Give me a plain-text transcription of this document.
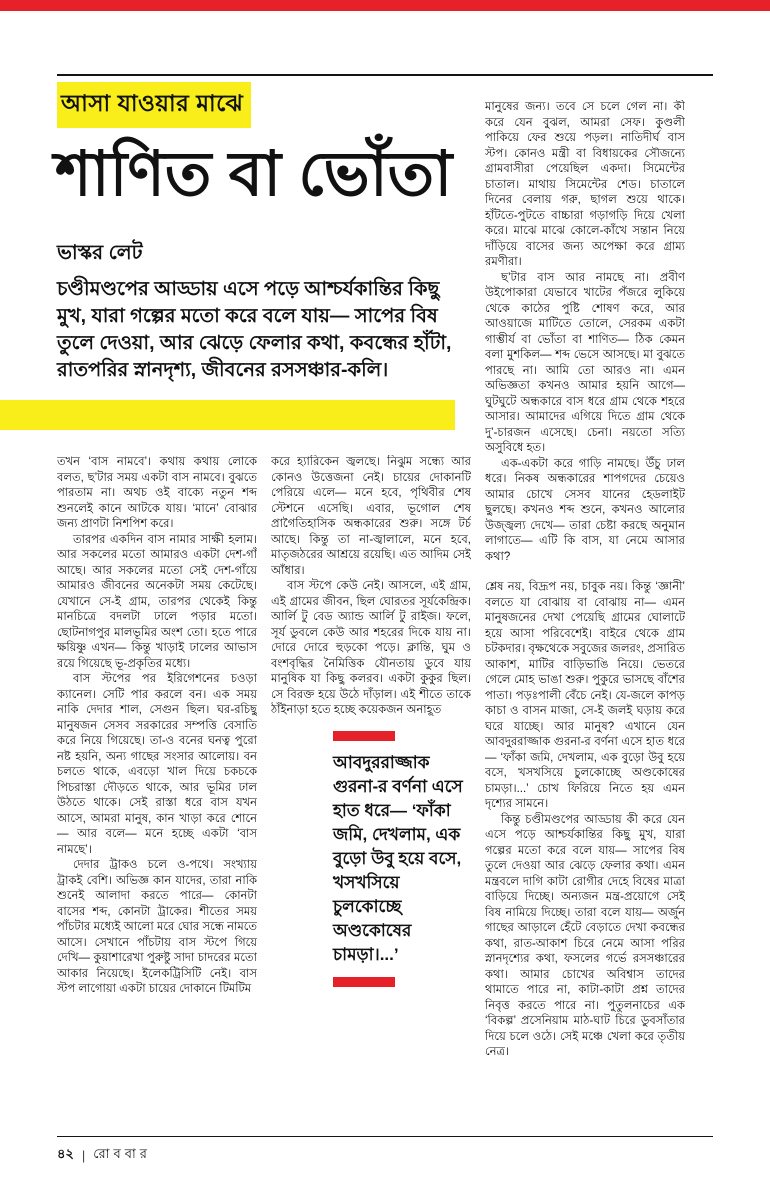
আসা যাওয়ার মাঝে
শাণিত বা ভোঁতা
ভাস্কর লেট
চণ্ডীমণ্ডপের আড্ডায় এসে পড়ে আশ্চর্যকান্তির কিছু মুখ, যারা গল্পের মতো করে বলে যায়— সাপের বিষ তুলে দেওয়া, আর ঝেড়ে ফেলার কথা, কবন্ধের হাঁটা, রাতপরির স্নানদৃশ্য, জীবনের রসসঞ্চার-কলি।

তখন ‘বাস নামবে’। কথায় কথায় লোকে বলত, ছ’টার সময় একটা বাস নামবে। বুঝতে পারতাম না। অথচ ওই বাক্যে নতুন শব্দ শুনলেই কানে আটকে যায়। ‘মানে’ বোঝার জন্য প্রাণটা নিশপিশ করে।

তারপর একদিন বাস নামার সাক্ষী হলাম। আর সকলের মতো আমারও একটা দেশ-গাঁ আছে। আর সকলের মতো সেই দেশ-গাঁয়ে আমারও জীবনের অনেকটা সময় কেটেছে। যেখানে সে-ই গ্রাম, তারপর থেকেই কিন্তু মানচিত্রে বদলটা ঢালে পড়ার মতো। ছোটনাগপুর মালভূমির অংশ তো। হতে পারে ক্ষয়িষ্ণু এখন— কিন্তু খাড়াই ঢালের আভাস রয়ে গিয়েছে ভূ-প্রকৃতির মধ্যে।

বাস স্টপের পর ইরিগেশনের চওড়া ক্যানেল। সেটি পার করলে বন। এক সময় নাকি দেদার শাল, সেগুন ছিল। ঘর-রচিছু মানুষজন সেসব সরকারের সম্পত্তি বেসাতি করে নিয়ে গিয়েছে। তা-ও বনের ঘনত্ব পুরো নষ্ট হয়নি, অন্য গাছের সংসার আলোয়। বন চলতে থাকে, এবড়ো খাল দিয়ে চকচকে পিচরাস্তা দৌড়তে থাকে, আর ভূমির ঢাল উঠতে থাকে। সেই রাস্তা ধরে বাস যখন আসে, আমরা মানুষ, কান খাড়া করে শোনে— আর বলে— মনে হচ্ছে একটা ‘বাস নামছে’।

দেদার ট্রাকও চলে ও-পথে। সংখ্যায় ট্রাকই বেশি। অভিজ্ঞ কান যাদের, তারা নাকি শুনেই আলাদা করতে পারে— কোনটা বাসের শব্দ, কোনটা ট্রাকের। শীতের সময় পাঁচটার মধ্যেই আলো মরে ঘোর সন্ধে নামতে আসে। সেখানে পাঁচটায় বাস স্টপে গিয়ে দেখি— কুয়াশারেখা পুরুষ্টু সাদা চাদরের মতো আকার নিয়েছে। ইলেকট্রিসিটি নেই। বাস স্টপ লাগোয়া একটা চায়ের দোকানে টিমটিম

করে হ্যারিকেন জ্বলছে। নিঝুম সন্ধ্যে আর কোনও উত্তেজনা নেই। চায়ের দোকানটি পেরিয়ে এলে— মনে হবে, পৃথিবীর শেষ স্টেশনে এসেছি। এবার, ভূগোল শেষ প্রাগৈতিহাসিক অন্ধকারের শুরু। সঙ্গে টর্চ আছে। কিন্তু তা না-জ্বালালে, মনে হবে, মাতৃজঠরের আশ্রয়ে রয়েছি। এত আদিম সেই আঁধার।

বাস স্টপে কেউ নেই। আসলে, এই গ্রাম, এই গ্রামের জীবন, ছিল ঘোরতর সূর্যকেন্দ্রিক। আর্লি টু বেড অ্যান্ড আর্লি টু রাইজ। ফলে, সূর্য ডুবলে কেউ আর শহরের দিকে যায় না। দোরে দোরে হুড়কো পড়ে। ক্লান্তি, ঘুম ও বংশবৃদ্ধির নৈমিত্তিক যৌনতায় ডুবে যায় মানুষিক যা কিছু কলরব। একটা কুকুর ছিল। সে বিরক্ত হয়ে উঠে দাঁড়াল। এই শীতে তাকে ঠাঁইনাড়া হতে হচ্ছে কয়েকজন অনাহূত

আবদুররাজ্জাক গুরনা-র বর্ণনা এসে হাত ধরে— ‘ফাঁকা জমি, দেখলাম, এক বুড়ো উবু হয়ে বসে, খসখসিয়ে চুলকোচ্ছে অণ্ডকোষের চামড়া।...’

মানুষের জন্য। তবে সে চলে গেল না। কী করে যেন বুঝল, আমরা সেফ। কুণ্ডলী পাকিয়ে ফের শুয়ে পড়ল। নাতিদীর্ঘ বাস স্টপ। কোনও মন্ত্রী বা বিধায়কের সৌজন্যে গ্রামবাসীরা পেয়েছিল একদা। সিমেন্টের চাতাল। মাথায় সিমেন্টের শেড। চাতালে দিনের বেলায় গরু, ছাগল শুয়ে থাকে। হাঁটতে-পুটতে বাচ্চারা গড়াগড়ি দিয়ে খেলা করে। মাঝে মাঝে কোলে-কাঁখে সন্তান নিয়ে দাঁড়িয়ে বাসের জন্য অপেক্ষা করে গ্রাম্য রমণীরা।

ছ’টার বাস আর নামছে না। প্রবীণ উইপোকারা যেভাবে খাটের পঁজরে লুকিয়ে থেকে কাঠের পুষ্টি শোষণ করে, আর আওয়াজে মাটিতে তোলে, সেরকম একটা গাম্ভীর্য বা ভোঁতা বা শাণিত— ঠিক কেমন বলা মুশকিল— শব্দ ভেসে আসছে। মা বুঝতে পারছে না। আমি তো আরও না। এমন অভিজ্ঞতা কখনও আমার হয়নি আগে— ঘুটঘুটে অন্ধকারে বাস ধরে গ্রাম থেকে শহরে আসার। আমাদের এগিয়ে দিতে গ্রাম থেকে দু’-চারজন এসেছে। চেনা। নয়তো সত্যি অসুবিধে হত।

এক-একটা করে গাড়ি নামছে। উঁচু ঢাল ধরে। নিকষ অন্ধকারের শাপগদের চেয়েও আমার চোখে সেসব যানের হেডলাইট ছুলছে। কখনও শব্দ শুনে, কখনও আলোর উজ্জ্বল্য দেখে— তারা চেষ্টা করছে অনুমান লাগাতে— এটি কি বাস, যা নেমে আসার কথা?

শ্লেষ নয়, বিদ্রূপ নয়, চাবুক নয়। কিন্তু ‘জ্ঞানী’ বলতে যা বোঝায় বা বোঝায় না— এমন মানুষজনের দেখা পেয়েছি গ্রামের ঘোলাটে হয়ে আসা পরিবেশেই। বাইরে থেকে গ্রাম চটকদার। বৃক্ষথেকে সবুজের জলরং, প্রসারিত আকাশ, মাটির বাড়িভাঙি নিয়ে। ভেতরে গেলে মোহ ভাঙা শুরু। পুকুরে ভাসছে বাঁশের পাতা। পড়ঃপালী বেঁচে নেই। যে-জলে কাপড় কাচা ও বাসন মাজা, সে-ই জলই ঘড়ায় করে ঘরে যাচ্ছে। আর মানুষ? এখানে যেন আবদুররাজ্জাক গুরনা-র বর্ণনা এসে হাত ধরে— ‘ফাঁকা জমি, দেখলাম, এক বুড়ো উবু হয়ে বসে, খসখসিয়ে চুলকোচ্ছে অণ্ডকোষের চামড়া।...’ চোখ ফিরিয়ে নিতে হয় এমন দৃশ্যের সামনে।

কিন্তু চণ্ডীমণ্ডপের আড্ডায় কী করে যেন এসে পড়ে আশ্চর্যকান্তির কিছু মুখ, যারা গল্পের মতো করে বলে যায়— সাপের বিষ তুলে দেওয়া আর ঝেড়ে ফেলার কথা। এমন মন্ত্রবলে দাগি কাটা রোগীর দেহে বিষের মাত্রা বাড়িয়ে দিচ্ছে। অন্যজন মন্ত্র-প্রয়োগে সেই বিষ নামিয়ে দিচ্ছে। তারা বলে যায়— অর্জুন গাছের আড়ালে হেঁটে বেড়াতে দেখা কবন্ধের কথা, রাত-আকাশ চিরে নেমে আসা পরির স্নানদৃশ্যের কথা, ফসলের গর্ভে রসসঞ্চারের কথা। আমার চোখের অবিশ্বাস তাদের থামাতে পারে না, কাটা-কাটা প্রশ্ন তাদের নিবৃত্ত করতে পারে না। পুতুলনাচের এক ‘বিকল্প’ প্রসেনিয়াম মাঠ-ঘাট চিরে ডুবসাঁতার দিয়ে চলে ওঠে। সেই মঞ্চে খেলা করে তৃতীয় নেত্র।

৪২ | রোববার
